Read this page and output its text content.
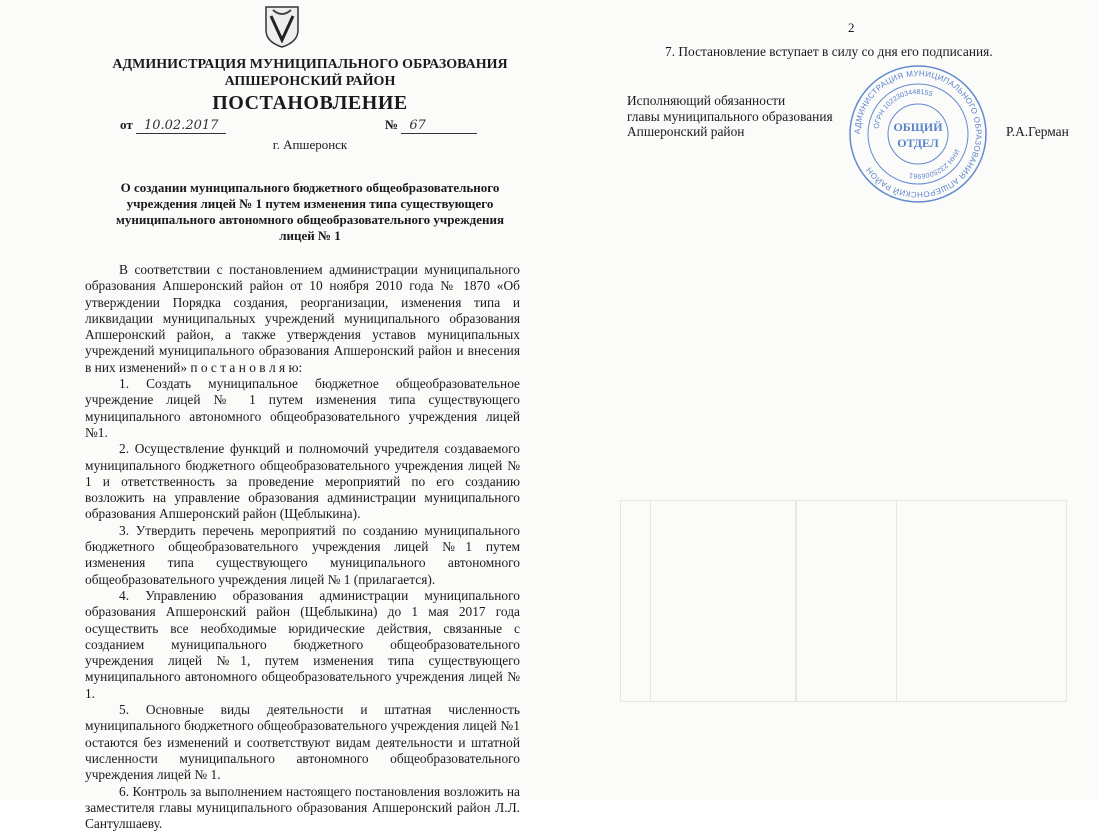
АДМИНИСТРАЦИЯ МУНИЦИПАЛЬНОГО ОБРАЗОВАНИЯ
АПШЕРОНСКИЙ РАЙОН
ПОСТАНОВЛЕНИЕ
от 10.02.2017	№ 67
г. Апшеронск
О создании муниципального бюджетного общеобразовательного учреждения лицей № 1 путем изменения типа существующего муниципального автономного общеобразовательного учреждения лицей № 1

В соответствии с постановлением администрации муниципального образования Апшеронский район от 10 ноября 2010 года № 1870 «Об утверждении Порядка создания, реорганизации, изменения типа и ликвидации муниципальных учреждений муниципального образования Апшеронский район, а также утверждения уставов муниципальных учреждений муниципального образования Апшеронский район и внесения в них изменений» п о с т а н о в л я ю:

1. Создать муниципальное бюджетное общеобразовательное учреждение лицей № 1 путем изменения типа существующего муниципального автономного общеобразовательного учреждения лицей №1.

2. Осуществление функций и полномочий учредителя создаваемого муниципального бюджетного общеобразовательного учреждения лицей № 1 и ответственность за проведение мероприятий по его созданию возложить на управление образования администрации муниципального образования Апшеронский район (Щеблыкина).

3. Утвердить перечень мероприятий по созданию муниципального бюджетного общеобразовательного учреждения лицей №1 путем изменения типа существующего муниципального автономного общеобразовательного учреждения лицей № 1 (прилагается).

4. Управлению образования администрации муниципального образования Апшеронский район (Щеблыкина) до 1 мая 2017 года осуществить все необходимые юридические действия, связанные с созданием муниципального бюджетного общеобразовательного учреждения лицей №1, путем изменения типа существующего муниципального автономного общеобразовательного учреждения лицей № 1.

5. Основные виды деятельности и штатная численность муниципального бюджетного общеобразовательного учреждения лицей №1 остаются без изменений и соответствуют видам деятельности и штатной численности муниципального автономного общеобразовательного учреждения лицей № 1.

6. Контроль за выполнением настоящего постановления возложить на заместителя главы муниципального образования Апшеронский район Л.Л. Сантулшаеву.

2
7. Постановление вступает в силу со дня его подписания.
Исполняющий обязанности
главы муниципального образования
Апшеронский район	Р.А.Герман
АДМИНИСТРАЦИЯ МУНИЦИПАЛЬНОГО ОБРАЗОВАНИЯ АПШЕРОНСКИЙ РАЙОН
ОГРН 1022303448155
ИНН 2325006961
ОБЩИЙ
ОТДЕЛ
